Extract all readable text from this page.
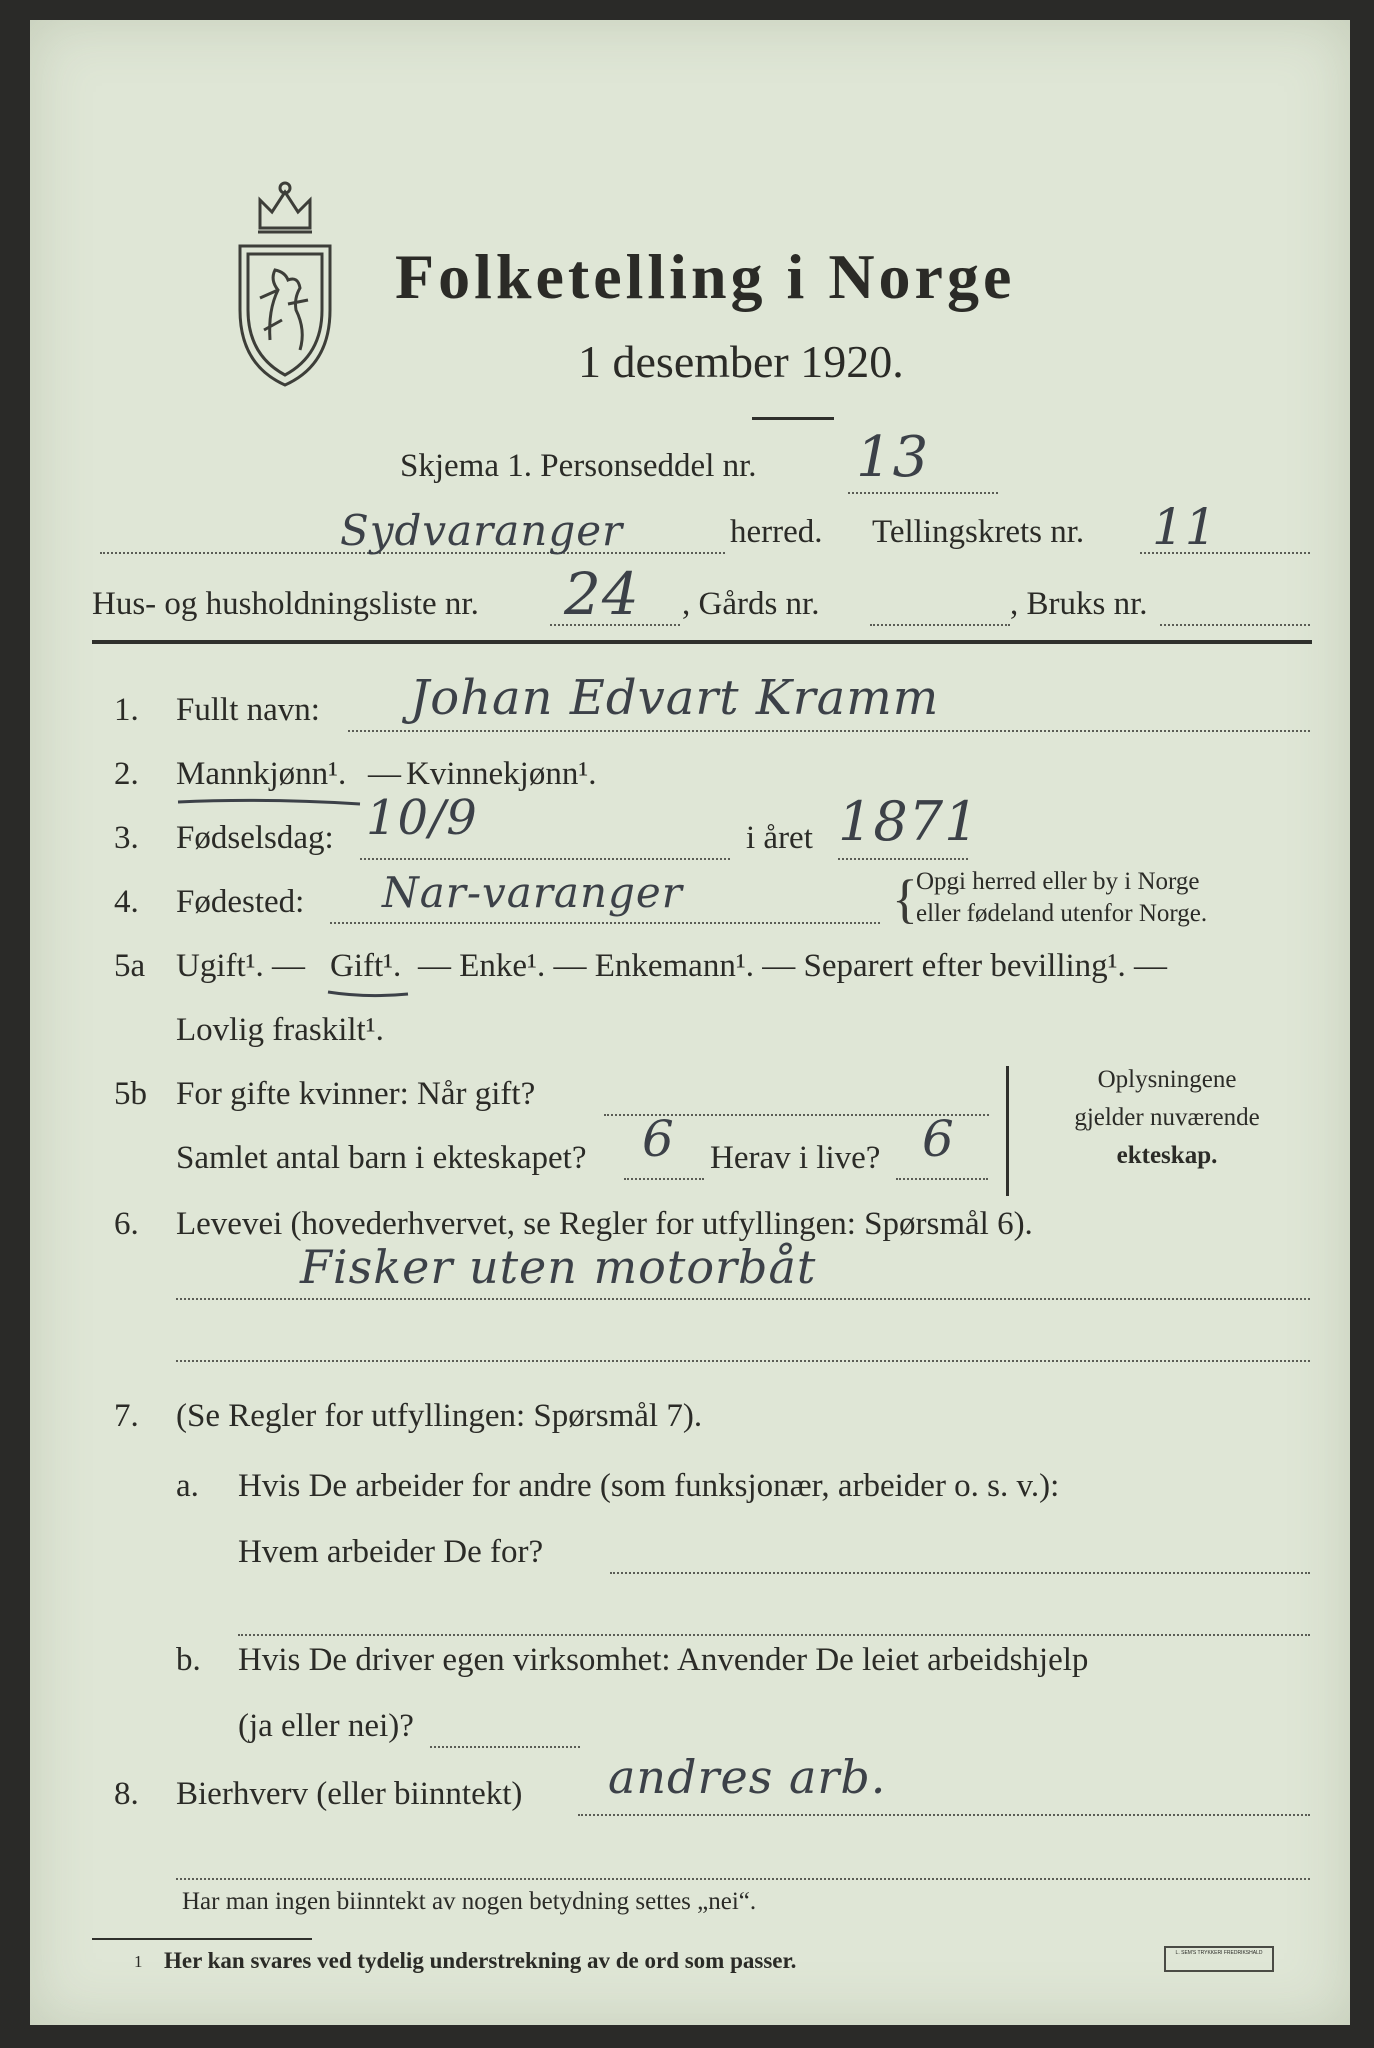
Folketelling i Norge
1 desember 1920.
Skjema 1. Personseddel nr. 13
Sydvaranger	herred. Tellingskrets nr. 11
Hus- og husholdningsliste nr. 24 , Gårds nr.	, Bruks nr.
1. Fullt navn: Johan Edvart Kramm
2. Mannkjønn¹. — Kvinnekjønn¹.
3. Fødselsdag: 10/9	i året 1871
4. Fødested: Nar-varanger	{
Opgi herred eller by i Norge
eller fødeland utenfor Norge.
5a Ugift¹. — Gift¹. — Enke¹. — Enkemann¹. — Separert efter bevilling¹. —
Lovlig fraskilt¹.
5b For gifte kvinner: Når gift?
Samlet antal barn i ekteskapet? 6 Herav i live? 6
Oplysningene
gjelder nuværende
ekteskap.
6. Levevei (hovederhvervet, se Regler for utfyllingen: Spørsmål 6).
Fisker uten motorbåt
7. (Se Regler for utfyllingen: Spørsmål 7).
a. Hvis De arbeider for andre (som funksjonær, arbeider o. s. v.):
Hvem arbeider De for?
b. Hvis De driver egen virksomhet: Anvender De leiet arbeidshjelp
(ja eller nei)?
8. Bierhverv (eller biinntekt) andres arb.
Har man ingen biinntekt av nogen betydning settes „nei“.
1 Her kan svares ved tydelig understrekning av de ord som passer.	L. SEM'S TRYKKERI FREDRIKSHALD
